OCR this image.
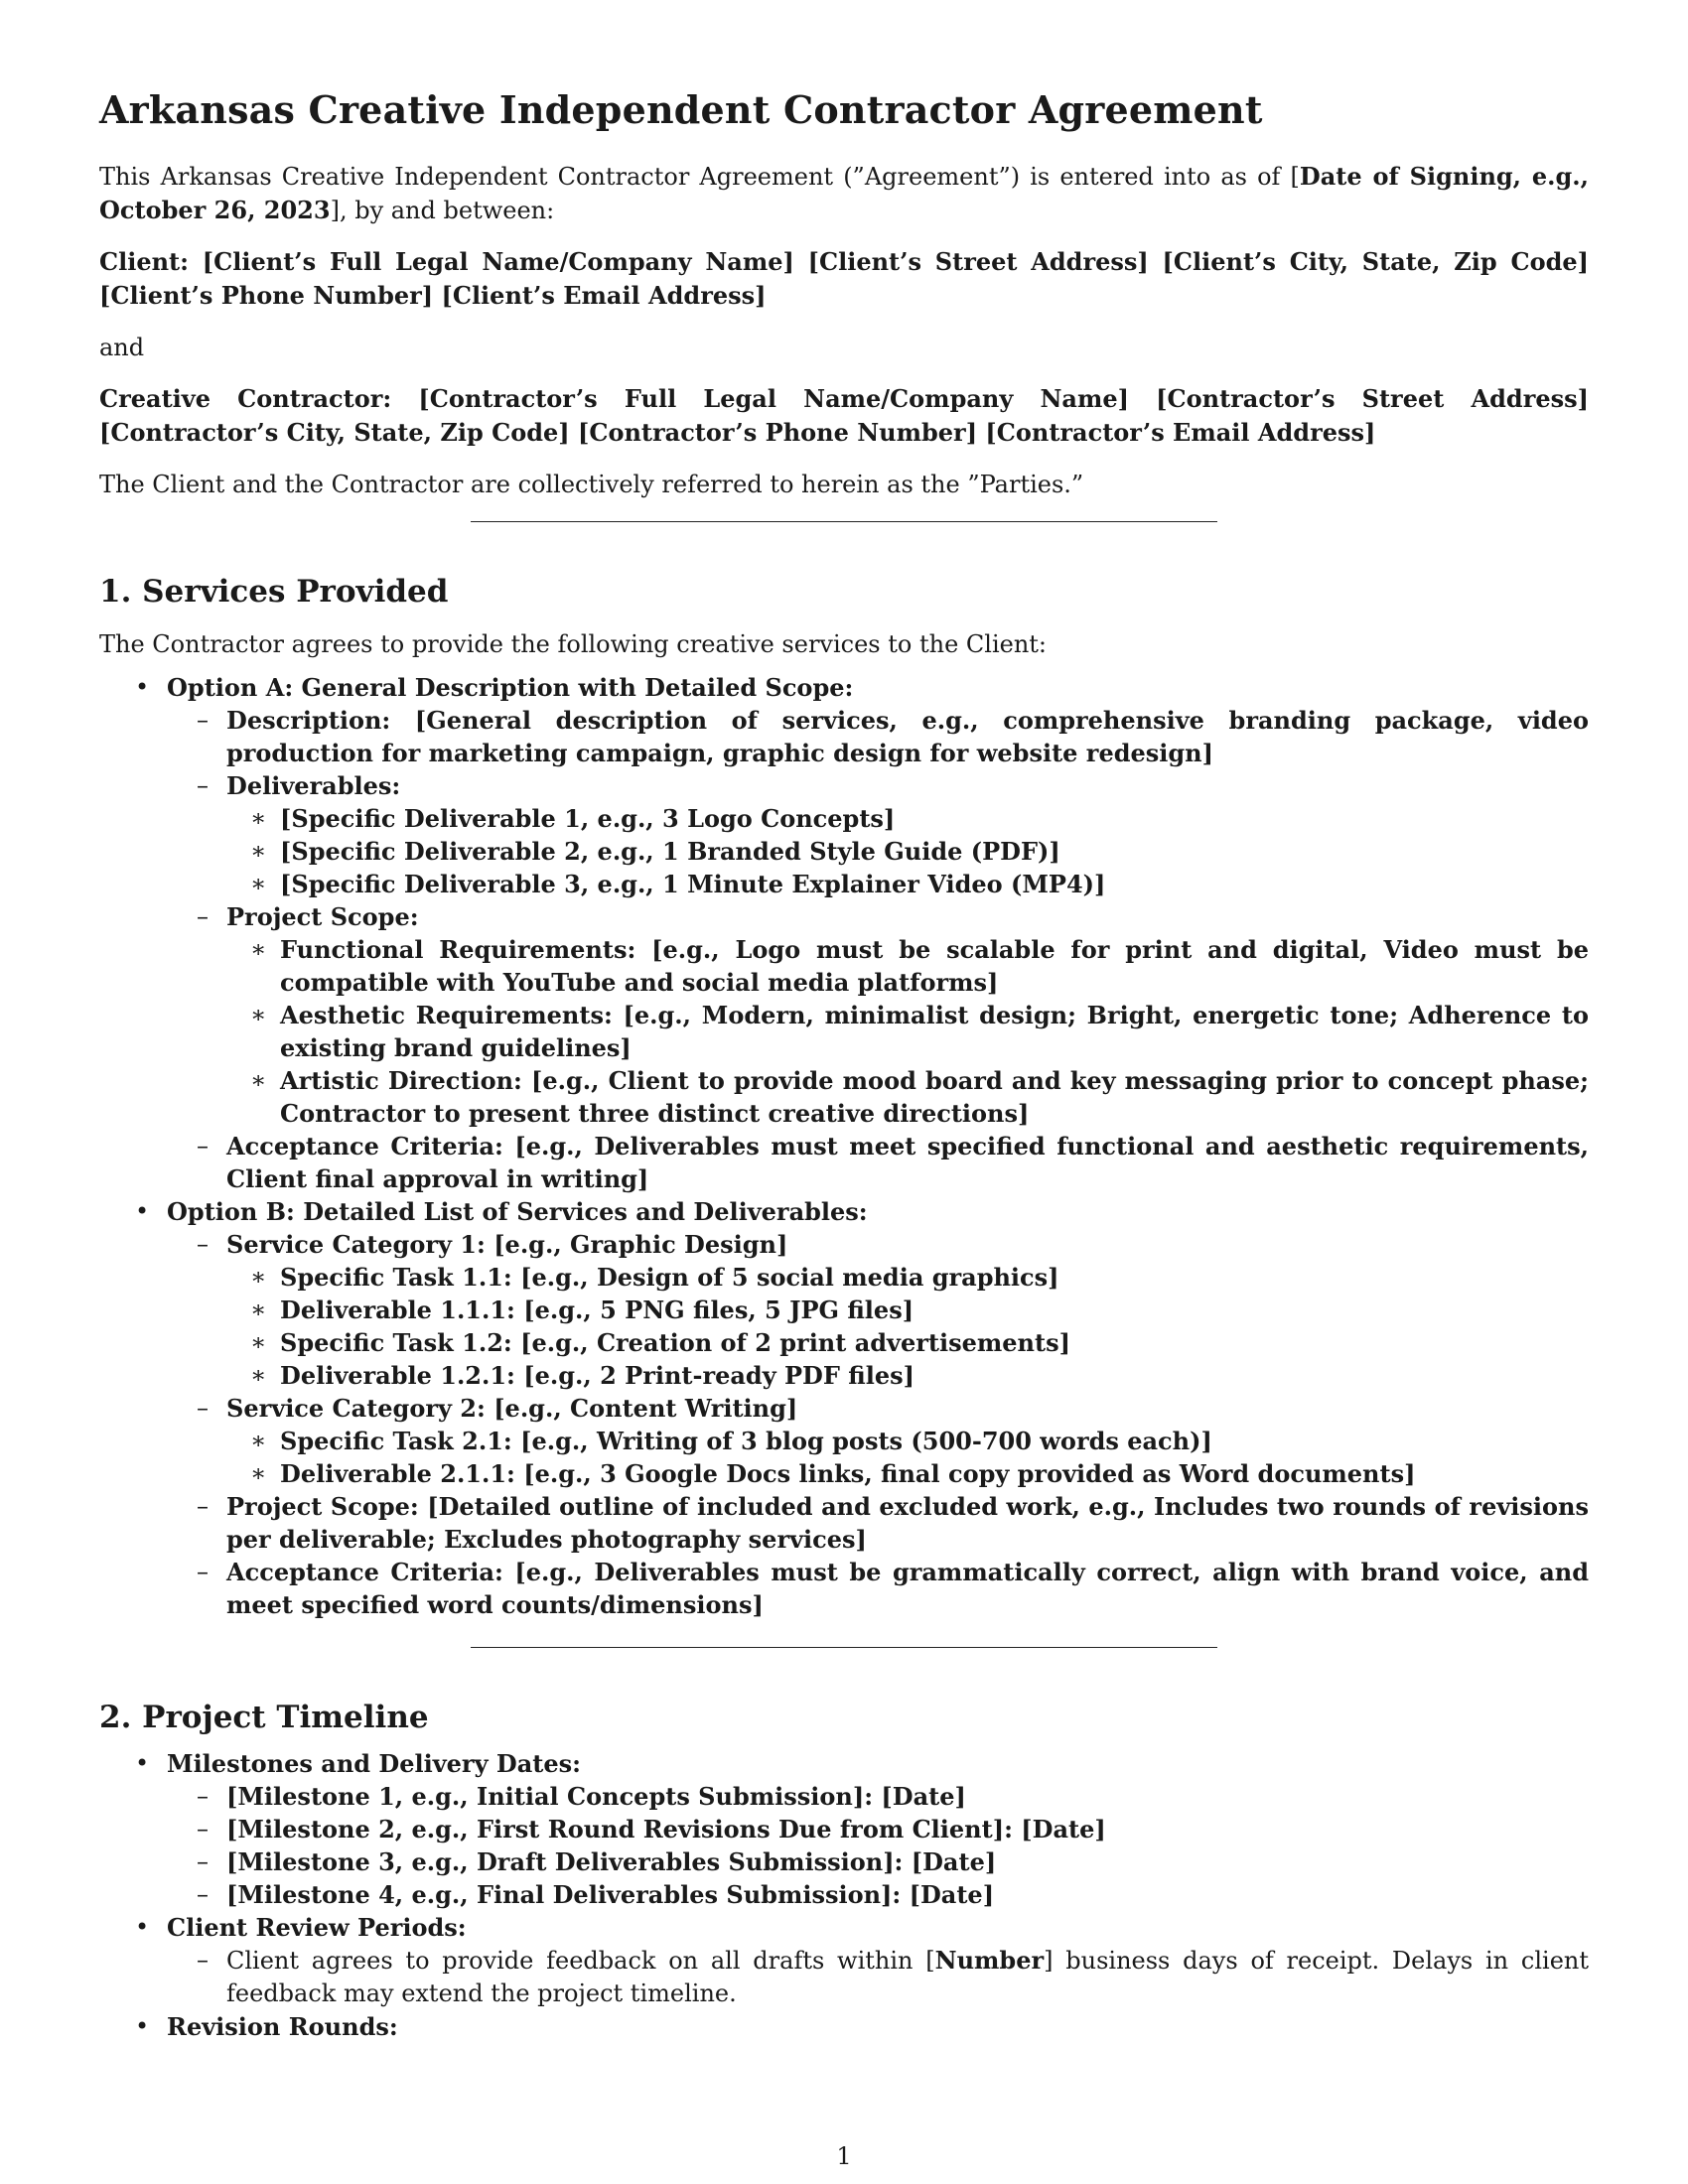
Arkansas Creative Independent Contractor Agreement

This Arkansas Creative Independent Contractor Agreement (”Agreement”) is entered into as of [Date of Signing, e.g., October 26, 2023], by and between:

Client: [Client’s Full Legal Name/Company Name] [Client’s Street Address] [Client’s City, State, Zip Code] [Client’s Phone Number] [Client’s Email Address]

and

Creative Contractor: [Contractor’s Full Legal Name/Company Name] [Contractor’s Street Address] [Contractor’s City, State, Zip Code] [Contractor’s Phone Number] [Contractor’s Email Address]

The Client and the Contractor are collectively referred to herein as the ”Parties.”

1. Services Provided

The Contractor agrees to provide the following creative services to the Client:

• Option A: General Description with Detailed Scope:
– Description: [General description of services, e.g., comprehensive branding package, video production for marketing campaign, graphic design for website redesign]
– Deliverables:
∗ [Specific Deliverable 1, e.g., 3 Logo Concepts]
∗ [Specific Deliverable 2, e.g., 1 Branded Style Guide (PDF)]
∗ [Specific Deliverable 3, e.g., 1 Minute Explainer Video (MP4)]
– Project Scope:
∗ Functional Requirements: [e.g., Logo must be scalable for print and digital, Video must be compatible with YouTube and social media platforms]
∗ Aesthetic Requirements: [e.g., Modern, minimalist design; Bright, energetic tone; Adherence to existing brand guidelines]
∗ Artistic Direction: [e.g., Client to provide mood board and key messaging prior to concept phase; Contractor to present three distinct creative directions]
– Acceptance Criteria: [e.g., Deliverables must meet specified functional and aesthetic requirements, Client final approval in writing]
• Option B: Detailed List of Services and Deliverables:
– Service Category 1: [e.g., Graphic Design]
∗ Specific Task 1.1: [e.g., Design of 5 social media graphics]
∗ Deliverable 1.1.1: [e.g., 5 PNG files, 5 JPG files]
∗ Specific Task 1.2: [e.g., Creation of 2 print advertisements]
∗ Deliverable 1.2.1: [e.g., 2 Print-ready PDF files]
– Service Category 2: [e.g., Content Writing]
∗ Specific Task 2.1: [e.g., Writing of 3 blog posts (500-700 words each)]
∗ Deliverable 2.1.1: [e.g., 3 Google Docs links, final copy provided as Word documents]
– Project Scope: [Detailed outline of included and excluded work, e.g., Includes two rounds of revisions per deliverable; Excludes photography services]
– Acceptance Criteria: [e.g., Deliverables must be grammatically correct, align with brand voice, and meet specified word counts/dimensions]
2. Project Timeline
• Milestones and Delivery Dates:
– [Milestone 1, e.g., Initial Concepts Submission]: [Date]
– [Milestone 2, e.g., First Round Revisions Due from Client]: [Date]
– [Milestone 3, e.g., Draft Deliverables Submission]: [Date]
– [Milestone 4, e.g., Final Deliverables Submission]: [Date]
• Client Review Periods:
– Client agrees to provide feedback on all drafts within [Number] business days of receipt. Delays in client feedback may extend the project timeline.
• Revision Rounds:
1
